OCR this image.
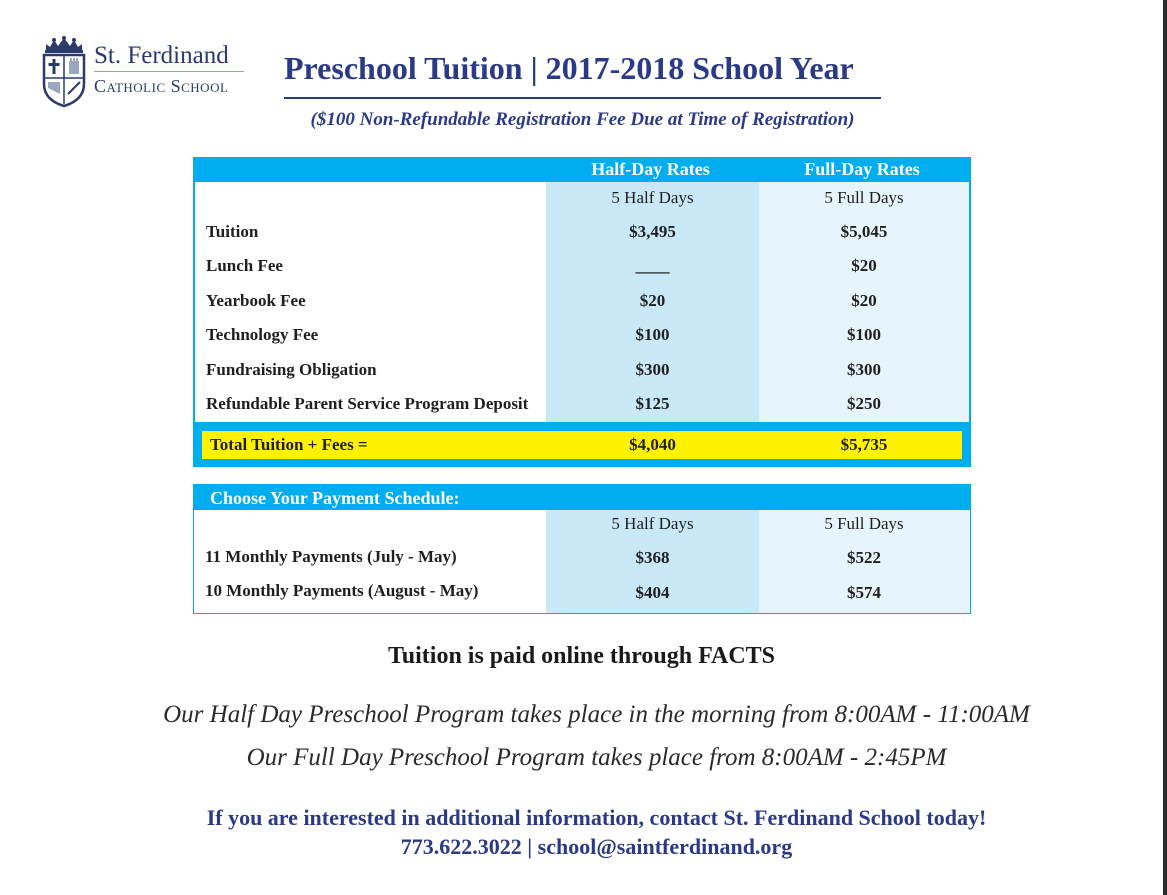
St. Ferdinand
Catholic School Preschool Tuition | 2017-2018 School Year
($100 Non-Refundable Registration Fee Due at Time of Registration)
Half-Day Rates	Full-Day Rates
5 Half Days	5 Full Days
Tuition	$3,495	$5,045
Lunch Fee	____	$20
Yearbook Fee	$20	$20
Technology Fee	$100	$100
Fundraising Obligation	$300	$300
Refundable Parent Service Program Deposit	$125	$250
Total Tuition + Fees =	$4,040	$5,735
Choose Your Payment Schedule:
5 Half Days	5 Full Days
11 Monthly Payments (July - May)	$368	$522
10 Monthly Payments (August - May)	$404	$574
Tuition is paid online through FACTS
Our Half Day Preschool Program takes place in the morning from 8:00AM - 11:00AM
Our Full Day Preschool Program takes place from 8:00AM - 2:45PM
If you are interested in additional information, contact St. Ferdinand School today!
773.622.3022 | school@saintferdinand.org
